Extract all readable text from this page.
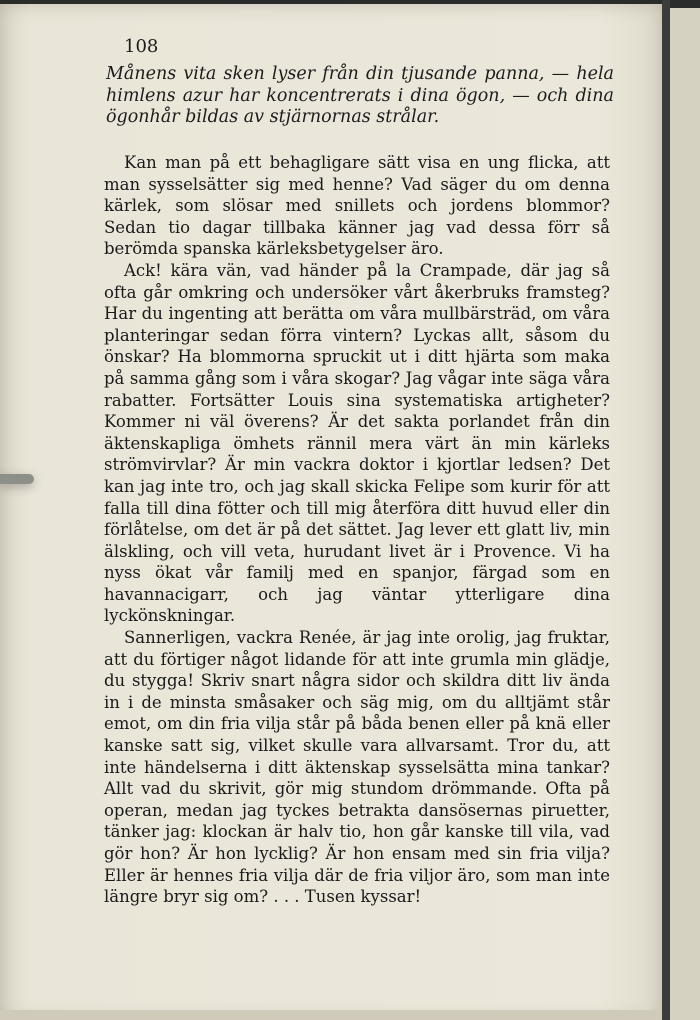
108
Månens vita sken lyser från din tjusande panna, — hela himlens azur har koncentrerats i dina ögon, — och dina ögonhår bildas av stjärnornas strålar.

Kan man på ett behagligare sätt visa en ung flicka, att man sysselsätter sig med henne? Vad säger du om denna kärlek, som slösar med snillets och jordens blommor? Sedan tio dagar tillbaka känner jag vad dessa förr så berömda spanska kärleksbetygelser äro.

Ack! kära vän, vad händer på la Crampade, där jag så ofta går omkring och undersöker vårt åkerbruks framsteg? Har du ingenting att berätta om våra mullbärsträd, om våra planteringar sedan förra vintern? Lyckas allt, såsom du önskar? Ha blommorna spruckit ut i ditt hjärta som maka på samma gång som i våra skogar? Jag vågar inte säga våra rabatter. Fortsätter Louis sina systematiska artigheter? Kommer ni väl överens? Är det sakta porlandet från din äktenskapliga ömhets rännil mera värt än min kärleks strömvirvlar? Är min vackra doktor i kjortlar ledsen? Det kan jag inte tro, och jag skall skicka Felipe som kurir för att falla till dina fötter och till mig återföra ditt huvud eller din förlåtelse, om det är på det sättet. Jag lever ett glatt liv, min älskling, och vill veta, hurudant livet är i Provence. Vi ha nyss ökat vår familj med en spanjor, färgad som en havannacigarr, och jag väntar ytterligare dina lyckönskningar.

Sannerligen, vackra Renée, är jag inte orolig, jag fruktar, att du förtiger något lidande för att inte grumla min glädje, du stygga! Skriv snart några sidor och skildra ditt liv ända in i de minsta småsaker och säg mig, om du alltjämt står emot, om din fria vilja står på båda benen eller på knä eller kanske satt sig, vilket skulle vara allvarsamt. Tror du, att inte händelserna i ditt äktenskap sysselsätta mina tankar? Allt vad du skrivit, gör mig stundom drömmande. Ofta på operan, medan jag tyckes betrakta dansösernas piruetter, tänker jag: klockan är halv tio, hon går kanske till vila, vad gör hon? Är hon lycklig? Är hon ensam med sin fria vilja? Eller är hennes fria vilja där de fria viljor äro, som man inte längre bryr sig om? . . . Tusen kyssar!
